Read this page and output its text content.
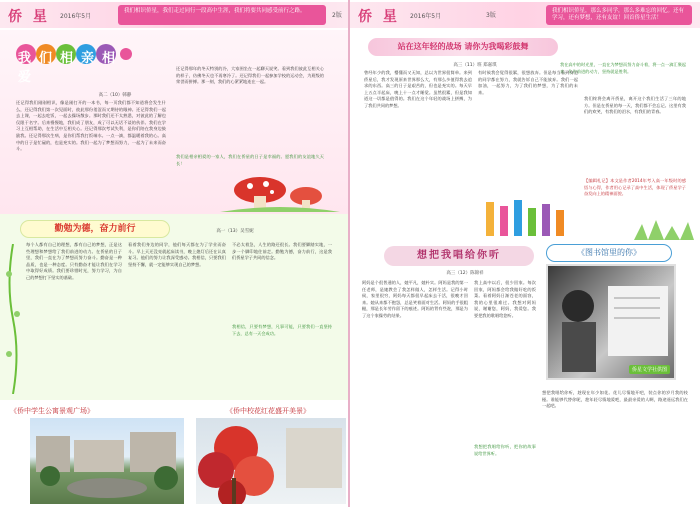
侨 星 2016年5月
我们相识侨星，我们走过同行一段高中生涯，我们将要共同感受前行之路。
2版
我们相亲相爱
高二（10）韩静
还记得我们刚刚相识，像是刚打开的一本书，每一页我们都不知道将会发生什么，还记得我们第一次见面时，彼此那份羞涩而又期待的眼神。还记得我们一起去上课，一起去吃饭，一起去操场散步。那时我们还不太熟悉，对彼此的了解也仅限于名字。后来慢慢地，我们成了朋友，成了可以无话不谈的伙伴。我们在学习上互相帮助，在生活中互相关心。还记得那次考试失利，是你们陪在我身边鼓励我。还记得那次生病，是你们帮我打饭端水。一点一滴，都温暖着我的心。高中的日子是忙碌的，也是充实的。我们一起为了梦想而努力，一起为了未来而奋斗。
还记得那年的冬天特别的冷，大家围坐在一起聊天说笑。看到我们彼此互相关心的样子，仿佛冬天也不再寒冷了。还记得我们一起参加学校的运动会，为班级的荣誉而拼搏。那一刻，我们的心紧紧地连在一起。
我们是相亲相爱的一家人，我们在侨星的日子是幸福的。愿我们的友谊地久天长！
勤勉为德，奋力前行	高一（13）吴雪妮
每个人都有自己的理想，都有自己的梦想，正是这些理想和梦想给了我们前进的动力。在侨星的日子里，我们一直在为了梦想而努力奋斗。勤奋是一种品质，也是一种态度。只有勤奋才能让我们在学习中取得好成绩。我们要珍惜时光，努力学习，为自己的梦想打下坚实的基础。
看着我们身边的同学，他们每天都在为了学业而奋斗。早上天还没亮就起床读书，晚上熄灯后还在认真复习。他们的努力让我深受感动。我相信，只要我们坚持不懈，就一定能够实现自己的梦想。
不必太着急，人生的路还很长。我们要脚踏实地，一步一个脚印地往前走。勤勉为德，奋力前行，这是我们侨星学子共同的信念。
我相信，只要有梦想，凡事可能，只要我们一直坚持下去，总有一天会成功。
《侨中学生公寓景观广场》	《侨中校花红花盛开美景》
侨 星 2016年5月	3版
我们相识侨星，那么多同学，那么多难忘的回忆。还有学习，还有梦想，还有友谊！回首侨星生活！
站在这年轻的战场 请你为我喝彩鼓舞
高三（11）班 郑嘉琪	我在高中的时光里，一直在为梦想而努力奋斗着，将一点一滴汇聚起来，化作前进的动力，坚持就是胜利。
曾经年少的我，懵懂而又无知，总以为世界很简单。来到侨星后，我才发现原来世界那么大，有那么多值得我去追求的东西。高三的日子是艰苦的，但也是充实的。每天早上五点半起床，晚上十一点才睡觉。虽然很累，但是我知道这一切都是值得的。我们在这个年轻的战场上拼搏，为了我们共同的梦想。
有时候我会觉得很累，很想放弃。但是每当看到身边的同学都在努力，我就告诉自己不能放弃。我们一起加油，一起努力，为了我们的梦想，为了我们的未来。
我们终将会离开侨星，离开这个我们生活了三年的地方。但是在侨星的每一天，我们都不会忘记。这里有我们的欢笑，有我们的泪水，有我们的青春。
【编辑札记】本文是作者2014年考入高一年级时的感悟与心得，作者用心记录了高中生活，体现了侨星学子奋发向上的精神面貌。
想把我唱给你听
高三（12）陈锦祥
阿妈是个很普通的人，她平凡，她朴实。阿妈是我的第一任老师，是她教会了我怎样做人，怎样生活。记得小时候，家里很穷，阿妈每天都很早起床去干活，很晚才回来。她从来都不抱怨，总是笑着面对生活。阿妈的手很粗糙，那是长年劳作留下的痕迹。阿妈的背有些驼，那是为了这个家操劳的结果。
我上高中以后，很少回家。每次回家，阿妈都会给我做好吃的饭菜。看着阿妈日渐苍老的面容，我的心里很难过。我想对阿妈说，谢谢您，阿妈，我爱您。我要把我的歌唱给您听。
我想把我唱给你听，把你的故事说给世界听。
想把我唱给你听，趁现在年少如花。花儿尽情地开吧，装点你的岁月我的枝桠。谁能够代替你呢，趁年轻尽情地爱吧，最最亲爱的人啊，路途遥远我们在一起吧。
《图书馆里的你》
侨星文学社供图
